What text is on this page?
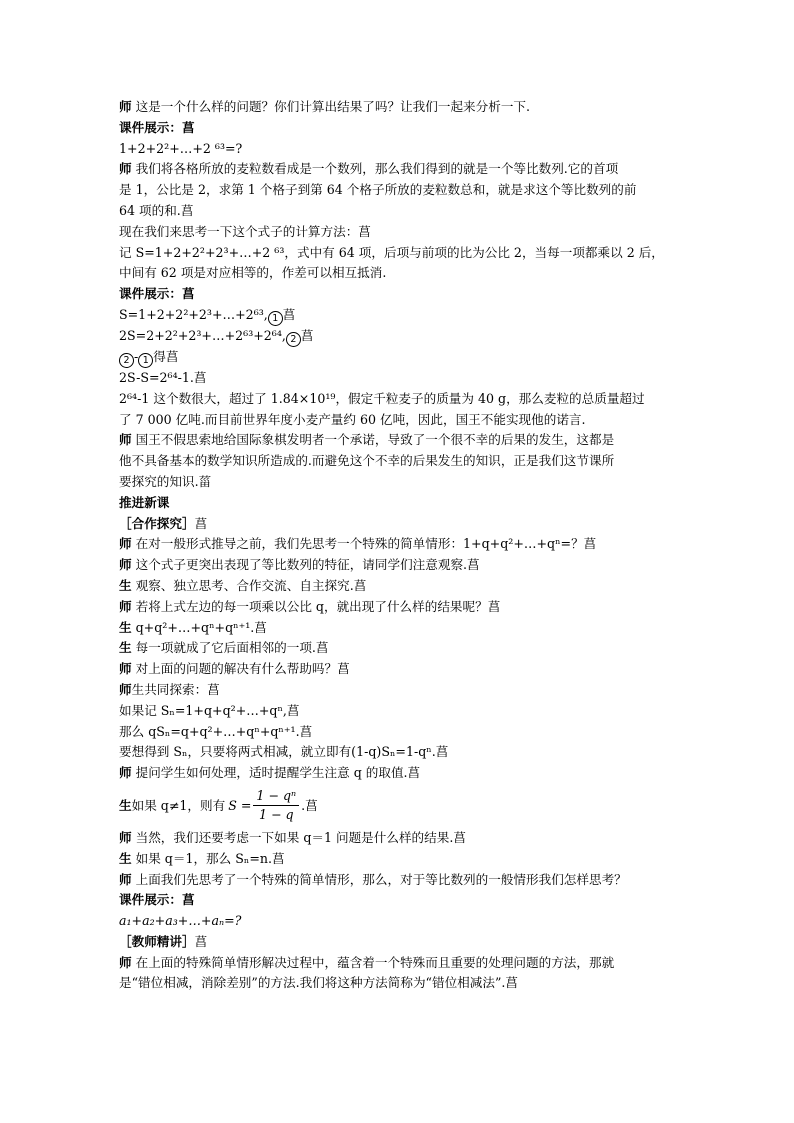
师 这是一个什么样的问题？你们计算出结果了吗？让我们一起来分析一下.
课件展示：菖
1+2+2²+…+2 ⁶³=?
师 我们将各格所放的麦粒数看成是一个数列，那么我们得到的就是一个等比数列.它的首项
是 1，公比是 2，求第 1 个格子到第 64 个格子所放的麦粒数总和，就是求这个等比数列的前
64 项的和.菖
现在我们来思考一下这个式子的计算方法：菖
记 S=1+2+2²+2³+…+2 ⁶³，式中有 64 项，后项与前项的比为公比 2，当每一项都乘以 2 后，
中间有 62 项是对应相等的，作差可以相互抵消.
课件展示：菖
S=1+2+2²+2³+…+2⁶³, 1 菖
2S=2+2²+2³+…+2⁶³+2⁶⁴, 2 菖
2 - 1 得菖
2S-S=2⁶⁴-1.菖
2⁶⁴-1 这个数很大，超过了 1.84×10¹⁹，假定千粒麦子的质量为 40 g，那么麦粒的总质量超过
了 7 000 亿吨.而目前世界年度小麦产量约 60 亿吨，因此，国王不能实现他的诺言.
师 国王不假思索地给国际象棋发明者一个承诺，导致了一个很不幸的后果的发生，这都是
他不具备基本的数学知识所造成的.而避免这个不幸的后果发生的知识，正是我们这节课所
要探究的知识.菑
推进新课
［合作探究］菖
师 在对一般形式推导之前，我们先思考一个特殊的简单情形：1+q+q²+…+qⁿ=？菖
师 这个式子更突出表现了等比数列的特征，请同学们注意观察.菖
生 观察、独立思考、合作交流、自主探究.菖
师 若将上式左边的每一项乘以公比 q，就出现了什么样的结果呢？菖
生 q+q²+…+qⁿ+qⁿ⁺¹.菖
生 每一项就成了它后面相邻的一项.菖
师 对上面的问题的解决有什么帮助吗？菖
师生共同探索：菖
如果记 Sₙ=1+q+q²+…+qⁿ,菖
那么 qSₙ=q+q²+…+qⁿ+qⁿ⁺¹.菖
要想得到 Sₙ，只要将两式相减，就立即有(1-q)Sₙ=1-qⁿ.菖
师 提问学生如何处理，适时提醒学生注意 q 的取值.菖
生 如果 q≠1，则有 $S = \frac{\text{1 − qⁿ}}{1 - q}$ .菖
师 当然，我们还要考虑一下如果 q＝1 问题是什么样的结果.菖
生 如果 q＝1，那么 Sₙ=n.菖
师 上面我们先思考了一个特殊的简单情形，那么，对于等比数列的一般情形我们怎样思考？
课件展示：菖
a₁+a₂+a₃+…+aₙ=?
［教师精讲］菖
师 在上面的特殊简单情形解决过程中，蕴含着一个特殊而且重要的处理问题的方法，那就
是“错位相减，消除差别”的方法.我们将这种方法简称为“错位相减法”.菖
